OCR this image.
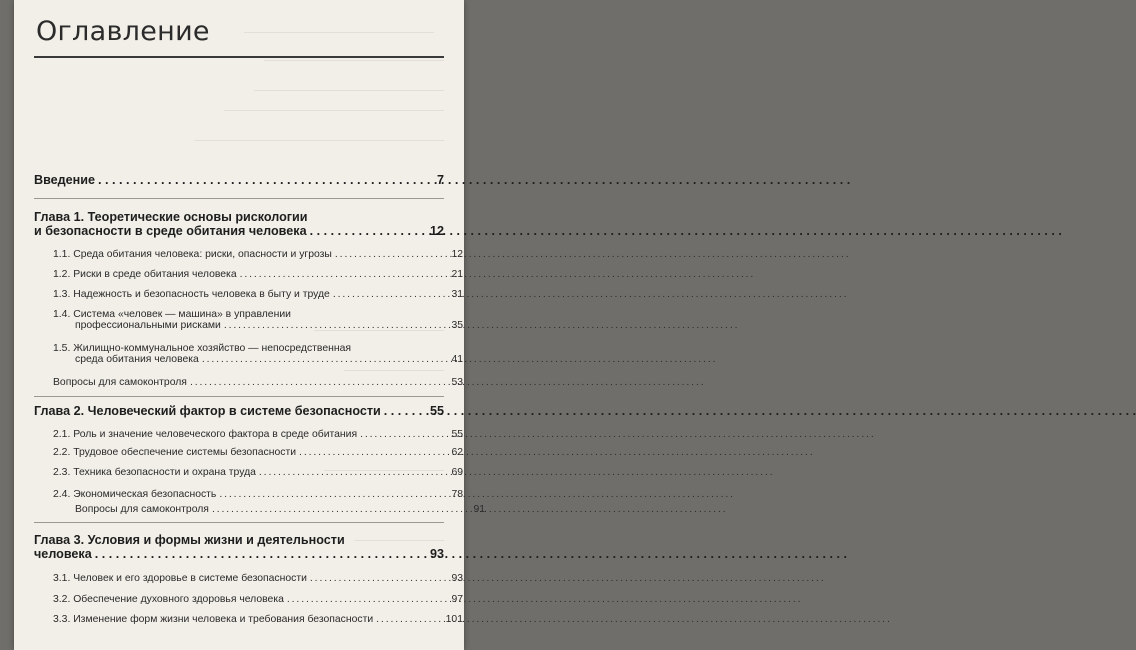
Оглавление
Введение . . .	7
Глава 1. Теоретические основы рискологии
и безопасности в среде обитания человека . . .	12
1.1. Среда обитания человека: риски, опасности и угрозы . . .	12
1.2. Риски в среде обитания человека . . .	21
1.3. Надежность и безопасность человека в быту и труде . . .	31
1.4. Система «человек — машина» в управлении
профессиональными рисками . . .	35
1.5. Жилищно-коммунальное хозяйство — непосредственная
среда обитания человека . . .	41
Вопросы для самоконтроля . . .	53
Глава 2. Человеческий фактор в системе безопасности . . .	55
2.1. Роль и значение человеческого фактора в среде обитания . . .	55
2.2. Трудовое обеспечение системы безопасности . . .	62
2.3. Техника безопасности и охрана труда . . .	69
2.4. Экономическая безопасность . . .	78
Вопросы для самоконтроля . . .	91
Глава 3. Условия и формы жизни и деятельности
человека . . .	93
3.1. Человек и его здоровье в системе безопасности . . .	93
3.2. Обеспечение духовного здоровья человека . . .	97
3.3. Изменение форм жизни человека и требования безопасности . . .	101
